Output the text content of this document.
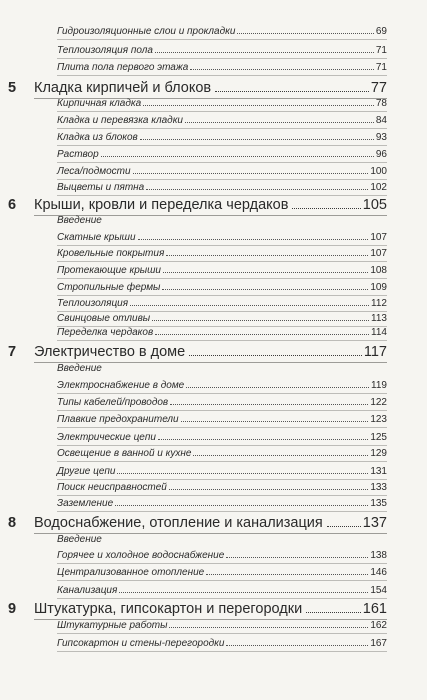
Гидроизоляционные слои и прокладки	69
Теплоизоляция пола	71
Плита пола первого этажа	71
5 Кладка кирпичей и блоков	77
Кирпичная кладка	78
Кладка и перевязка кладки	84
Кладка из блоков	93
Раствор	96
Леса/подмости	100
Выцветы и пятна	102
6 Крыши, кровли и переделка чердаков	105
Введение
Скатные крыши	107
Кровельные покрытия	107
Протекающие крыши	108
Стропильные фермы	109
Теплоизоляция	112
Свинцовые отливы	113
Переделка чердаков	114
7 Электричество в доме	117
Введение
Электроснабжение в доме	119
Типы кабелей/проводов	122
Плавкие предохранители	123
Электрические цепи	125
Освещение в ванной и кухне	129
Другие цепи	131
Поиск неисправностей	133
Заземление	135
8 Водоснабжение, отопление и канализация	137
Введение
Горячее и холодное водоснабжение	138
Централизованное отопление	146
Канализация	154
9 Штукатурка, гипсокартон и перегородки	161
Штукатурные работы	162
Гипсокартон и стены-перегородки	167
